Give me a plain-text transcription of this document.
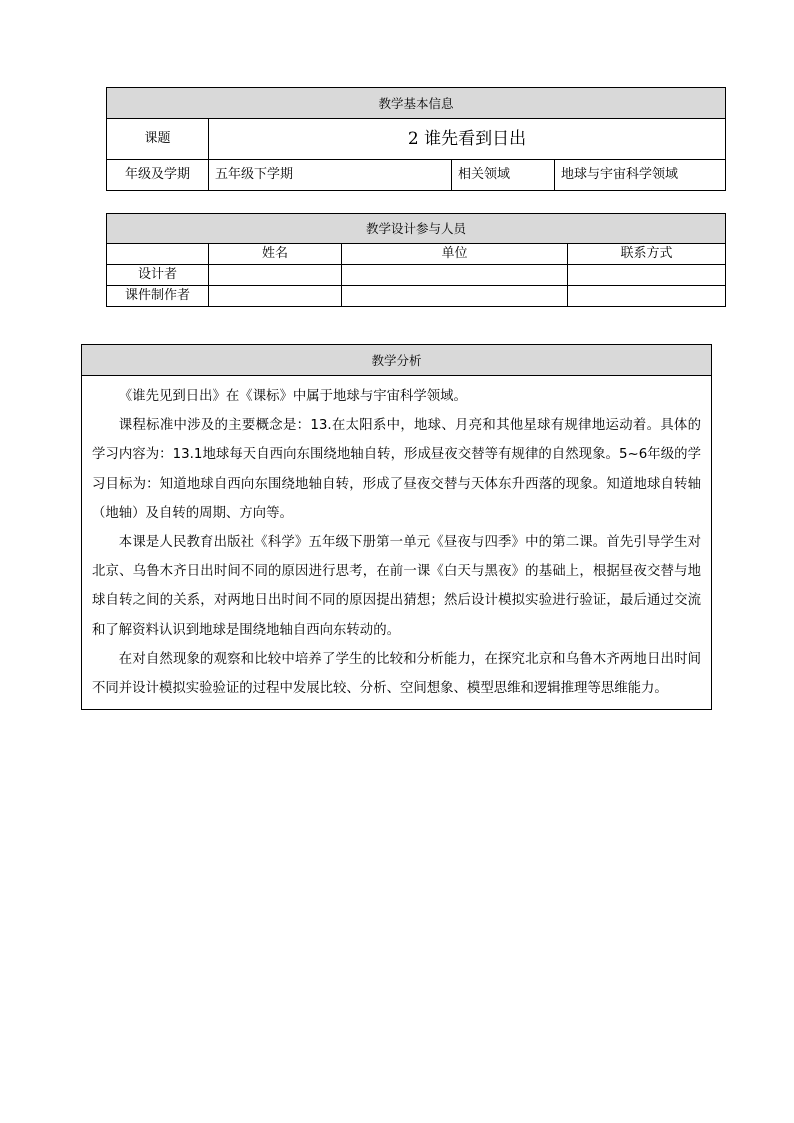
教学基本信息			
课题	2 谁先看到日出		
年级及学期	五年级下学期	相关领域	地球与宇宙科学领域
教学设计参与人员			
	姓名	单位	联系方式
设计者			
课件制作者			
教学分析

《谁先见到日出》在《课标》中属于地球与宇宙科学领域。

课程标准中涉及的主要概念是：13.在太阳系中，地球、月亮和其他星球有规律地运动着。具体的学习内容为：13.1地球每天自西向东围绕地轴自转，形成昼夜交替等有规律的自然现象。5~6年级的学习目标为：知道地球自西向东围绕地轴自转，形成了昼夜交替与天体东升西落的现象。知道地球自转轴（地轴）及自转的周期、方向等。

本课是人民教育出版社《科学》五年级下册第一单元《昼夜与四季》中的第二课。首先引导学生对北京、乌鲁木齐日出时间不同的原因进行思考，在前一课《白天与黑夜》的基础上，根据昼夜交替与地球自转之间的关系，对两地日出时间不同的原因提出猜想；然后设计模拟实验进行验证，最后通过交流和了解资料认识到地球是围绕地轴自西向东转动的。

在对自然现象的观察和比较中培养了学生的比较和分析能力，在探究北京和乌鲁木齐两地日出时间不同并设计模拟实验验证的过程中发展比较、分析、空间想象、模型思维和逻辑推理等思维能力。
